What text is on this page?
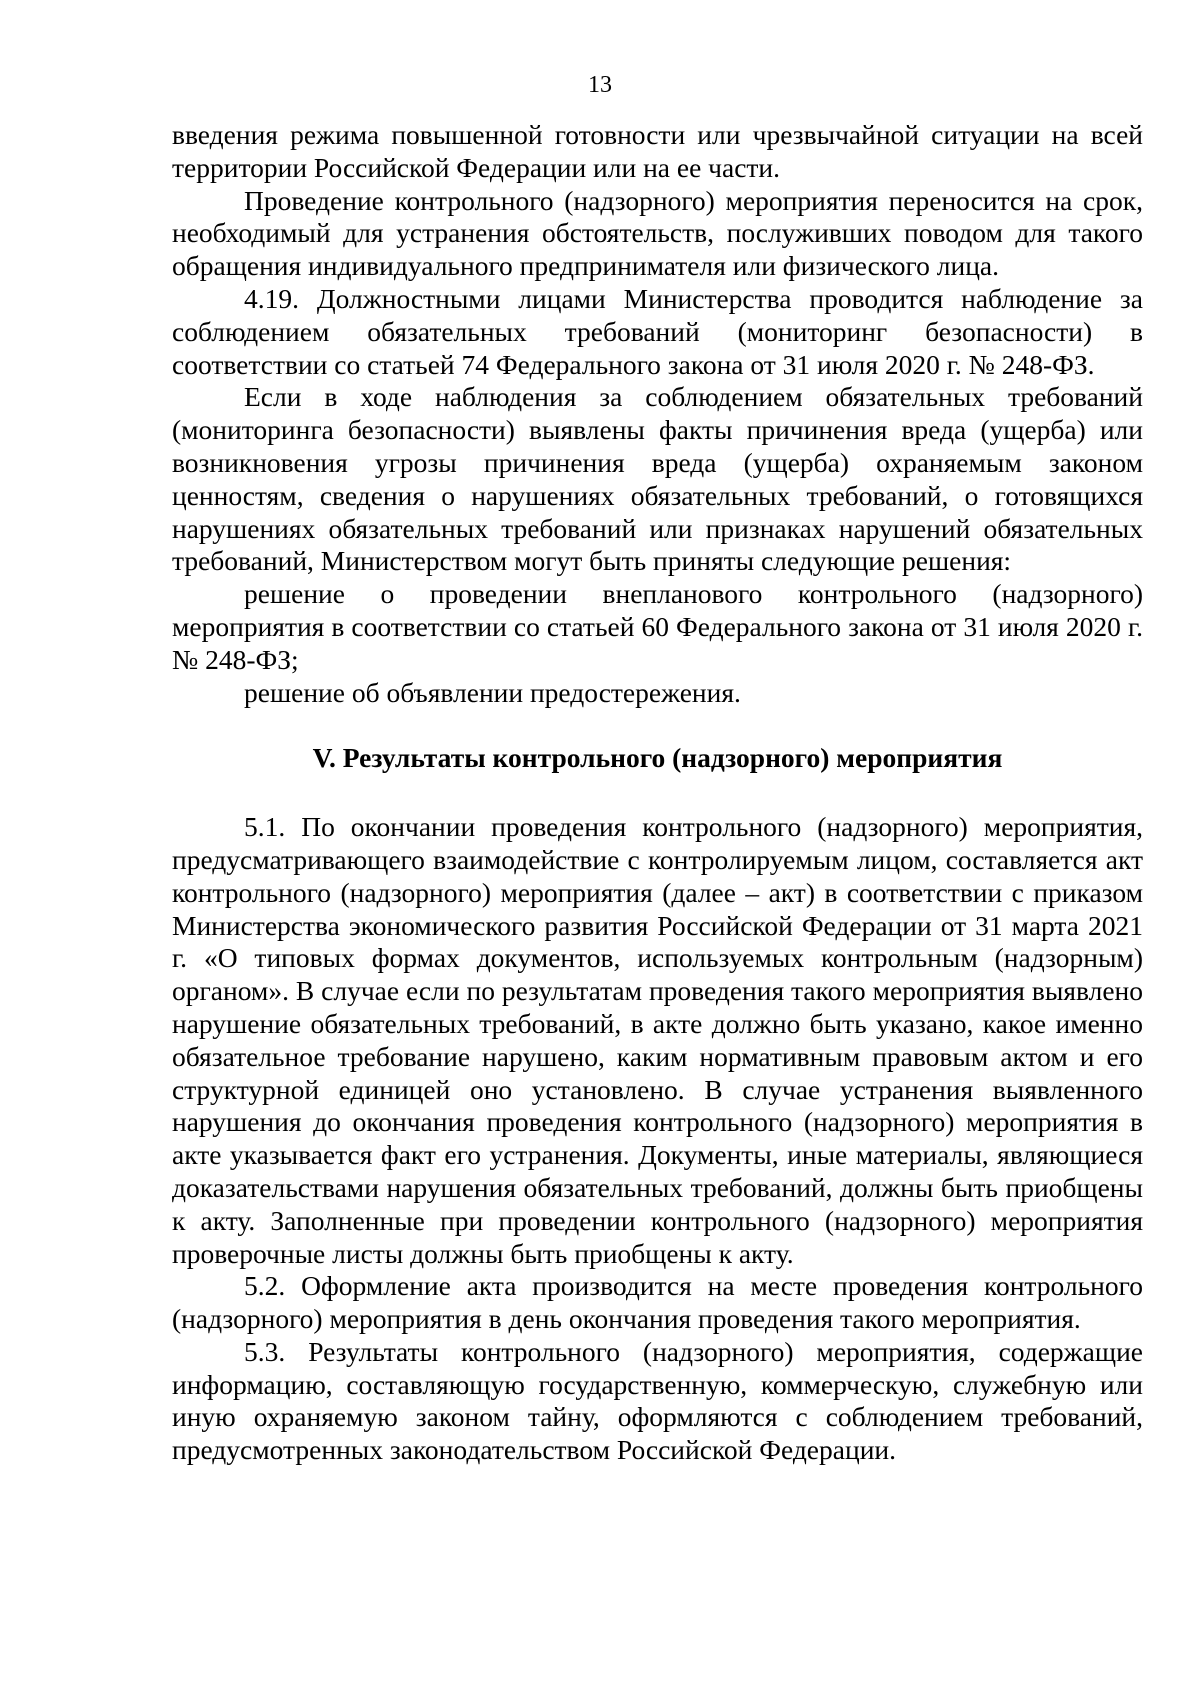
13

введения режима повышенной готовности или чрезвычайной ситуации на всей территории Российской Федерации или на ее части.

Проведение контрольного (надзорного) мероприятия переносится на срок, необходимый для устранения обстоятельств, послуживших поводом для такого обращения индивидуального предпринимателя или физического лица.

4.19. Должностными лицами Министерства проводится наблюдение за соблюдением обязательных требований (мониторинг безопасности) в соответствии со статьей 74 Федерального закона от 31 июля 2020 г. № 248-ФЗ.

Если в ходе наблюдения за соблюдением обязательных требований (мониторинга безопасности) выявлены факты причинения вреда (ущерба) или возникновения угрозы причинения вреда (ущерба) охраняемым законом ценностям, сведения о нарушениях обязательных требований, о готовящихся нарушениях обязательных требований или признаках нарушений обязательных требований, Министерством могут быть приняты следующие решения:

решение о проведении внепланового контрольного (надзорного) мероприятия в соответствии со статьей 60 Федерального закона от 31 июля 2020 г. № 248-ФЗ;

решение об объявлении предостережения.

V. Результаты контрольного (надзорного) мероприятия

5.1. По окончании проведения контрольного (надзорного) мероприятия, предусматривающего взаимодействие с контролируемым лицом, составляется акт контрольного (надзорного) мероприятия (далее – акт) в соответствии с приказом Министерства экономического развития Российской Федерации от 31 марта 2021 г. «О типовых формах документов, используемых контрольным (надзорным) органом». В случае если по результатам проведения такого мероприятия выявлено нарушение обязательных требований, в акте должно быть указано, какое именно обязательное требование нарушено, каким нормативным правовым актом и его структурной единицей оно установлено. В случае устранения выявленного нарушения до окончания проведения контрольного (надзорного) мероприятия в акте указывается факт его устранения. Документы, иные материалы, являющиеся доказательствами нарушения обязательных требований, должны быть приобщены к акту. Заполненные при проведении контрольного (надзорного) мероприятия проверочные листы должны быть приобщены к акту.

5.2. Оформление акта производится на месте проведения контрольного (надзорного) мероприятия в день окончания проведения такого мероприятия.

5.3. Результаты контрольного (надзорного) мероприятия, содержащие информацию, составляющую государственную, коммерческую, служебную или иную охраняемую законом тайну, оформляются с соблюдением требований, предусмотренных законодательством Российской Федерации.
